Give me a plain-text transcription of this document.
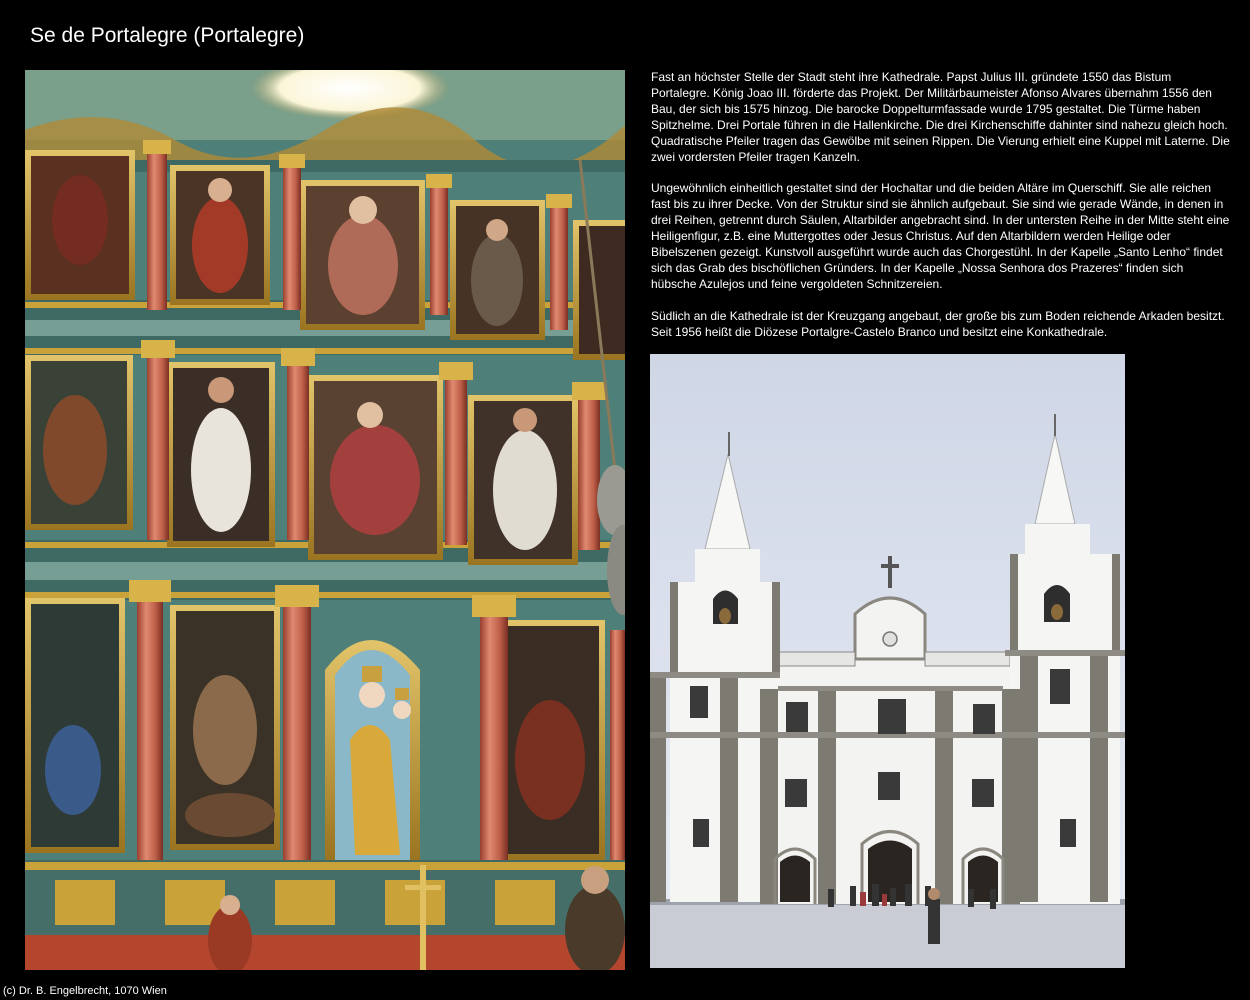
Se de Portalegre (Portalegre)

Fast an höchster Stelle der Stadt steht ihre Kathedrale. Papst Julius III. gründete 1550 das Bistum Portalegre. König Joao III. förderte das Projekt. Der Militärbaumeister Afonso Alvares übernahm 1556 den Bau, der sich bis 1575 hinzog. Die barocke Doppelturmfassade wurde 1795 gestaltet. Die Türme haben Spitzhelme. Drei Portale führen in die Hallenkirche. Die drei Kirchenschiffe dahinter sind nahezu gleich hoch. Quadratische Pfeiler tragen das Gewölbe mit seinen Rippen. Die Vierung erhielt eine Kuppel mit Laterne. Die zwei vordersten Pfeiler tragen Kanzeln.

Ungewöhnlich einheitlich gestaltet sind der Hochaltar und die beiden Altäre im Querschiff. Sie alle reichen fast bis zu ihrer Decke. Von der Struktur sind sie ähnlich aufgebaut. Sie sind wie gerade Wände, in denen in drei Reihen, getrennt durch Säulen, Altarbilder angebracht sind. In der untersten Reihe in der Mitte steht eine Heiligenfigur, z.B. eine Muttergottes oder Jesus Christus. Auf den Altarbildern werden Heilige oder Bibelszenen gezeigt. Kunstvoll ausgeführt wurde auch das Chorgestühl. In der Kapelle „Santo Lenho“ findet sich das Grab des bischöflichen Gründers. In der Kapelle „Nossa Senhora dos Prazeres“ finden sich hübsche Azulejos und feine vergoldeten Schnitzereien.

Südlich an die Kathedrale ist der Kreuzgang angebaut, der große bis zum Boden reichende Arkaden besitzt. Seit 1956 heißt die Diözese Portalgre-Castelo Branco und besitzt eine Konkathedrale.

(c) Dr. B. Engelbrecht, 1070 Wien
